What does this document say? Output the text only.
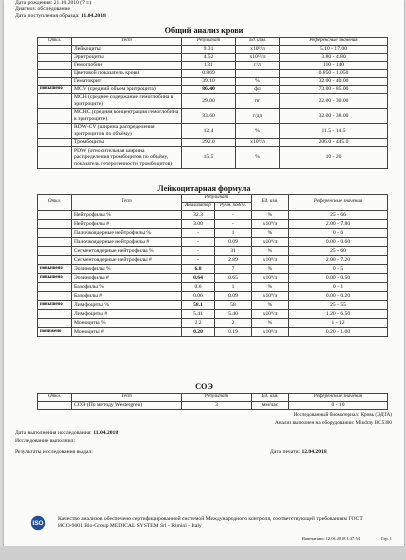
Дата рождения: 21.10.2010 (7 г.)
Диагноз: обследование
Дата поступления образца: 11.04.2018
Общий анализ крови
Откл.	Тест	Результат	Ед. изм.	Референсные значения
	Лейкоциты	9.31	x10⁹/л	5.10 - 17.00
	Эритроциты	4.52	x10¹²/л	3.80 - 4.80
	Гемоглобин	131	г/л	110 - 140
	Цветовой показатель крови	0.869		0.850 - 1.050
	Гематокрит	39.10	%	32.00 - 40.00
повышено	MCV (средний объем эритроцита)	86.40	фл	73.00 - 85.00
	МСН (среднее содержание гемоглобина в эритроците)	29.00	пг	22.00 - 30.00
	MCHC (средняя концентрация гемоглобина в эритроците)	33.60	г/дл	32.00 - 38.00
	RDW-CV (ширина распределения эритроцитов по объёму)	12.4	%	11.5 - 14.5
	Тромбоциты	292.0	x10⁹/л	206.0 - 445.0
	PDW (относительная ширина распределения тромбоцитов по объёму, показатель гетерогенности тромбоцитов)	15.5	%	10 - 20
Лейкоцитарная формула
Откл.	Тест	Результат		Ед. изм.	Референсные значения
		Анализатор	Ручн. подсч.		
	Нейтрофилы %	32.3	-	%	25 - 66
	Нейтрофилы #	3.00	-	x10⁹/л	2.00 - 7.80
	Палочкоядерные нейтрофилы %	-	1	%	0 - 6
	Палочкоядерные нейтрофилы #	-	0.09	x10⁹/л	0.00 - 0.60
	Сегментоядерные нейтрофилы %	-	31	%	25 - 60
	Сегментоядерные нейтрофилы #	-	2.89	x10⁹/л	2.00 - 7.20
повышено	Эозинофилы %	6.8	7	%	0 - 5
повышено	Эозинофилы #	0.64	0.65	x10⁹/л	0.00 - 0.50
	Базофилы %	0.6	1	%	0 - 1
	Базофилы #	0.06	0.09	x10⁹/л	0.00 - 0.20
повышено	Лимфоциты %	58.1	58	%	25 - 55
	Лимфоциты #	5.41	5.40	x10⁹/л	1.20 - 6.50
	Моноциты %	2.2	2	%	1 - 12
понижено	Моноциты #	0.20	0.19	x10⁹/л	0.20 - 1.00
СОЭ
Откл.	Тест	Результат	Ед. изм.	Референсные значения
	СОЭ (По методу Westergren)	3	мм/час	0 - 10
Исследованный биоматериал: Кровь (ЭДТА)
Анализ выполнен на оборудовании: Mindray BC5300
Дата выполнения исследования: 11.04.2018
Исследование выполнил:
Результаты исследования выдал:	Дата печати: 12.04.2018
ISO
Качество анализов обеспечено сертифицированной системой Международного контроля, соответствующей требованиям ГОСТ ИСО-9001 Bio-Group MEDICAL SYSTEM Srl - Rimini - Italy
Напечатано: 12.04.2018 1:37:54	Стр. 1
